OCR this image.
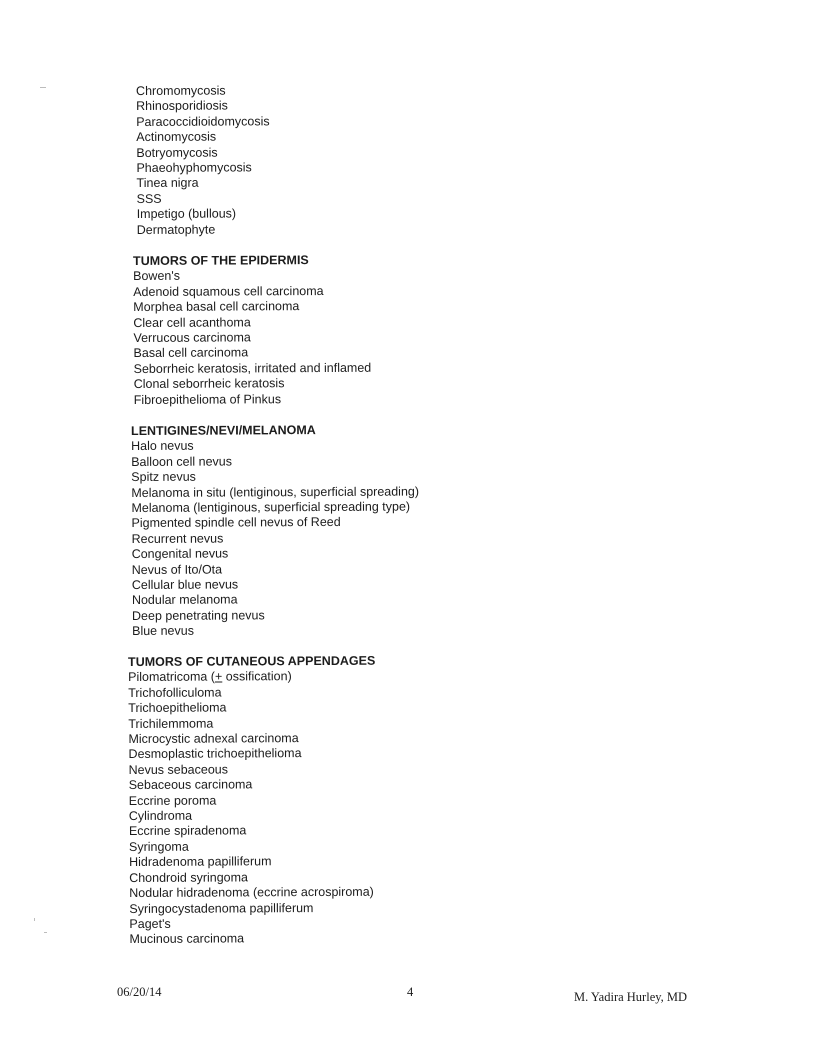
Chromomycosis
Rhinosporidiosis
Paracoccidioidomycosis
Actinomycosis
Botryomycosis
Phaeohyphomycosis
Tinea nigra
SSS
Impetigo (bullous)
Dermatophyte
TUMORS OF THE EPIDERMIS
Bowen's
Adenoid squamous cell carcinoma
Morphea basal cell carcinoma
Clear cell acanthoma
Verrucous carcinoma
Basal cell carcinoma
Seborrheic keratosis, irritated and inflamed
Clonal seborrheic keratosis
Fibroepithelioma of Pinkus
LENTIGINES/NEVI/MELANOMA
Halo nevus
Balloon cell nevus
Spitz nevus
Melanoma in situ (lentiginous, superficial spreading)
Melanoma (lentiginous, superficial spreading type)
Pigmented spindle cell nevus of Reed
Recurrent nevus
Congenital nevus
Nevus of Ito/Ota
Cellular blue nevus
Nodular melanoma
Deep penetrating nevus
Blue nevus
TUMORS OF CUTANEOUS APPENDAGES
Pilomatricoma (+ ossification)
Trichofolliculoma
Trichoepithelioma
Trichilemmoma
Microcystic adnexal carcinoma
Desmoplastic trichoepithelioma
Nevus sebaceous
Sebaceous carcinoma
Eccrine poroma
Cylindroma
Eccrine spiradenoma
Syringoma
Hidradenoma papilliferum
Chondroid syringoma
Nodular hidradenoma (eccrine acrospiroma)
Syringocystadenoma papilliferum
Paget's
Mucinous carcinoma
06/20/14	4	M. Yadira Hurley, MD
